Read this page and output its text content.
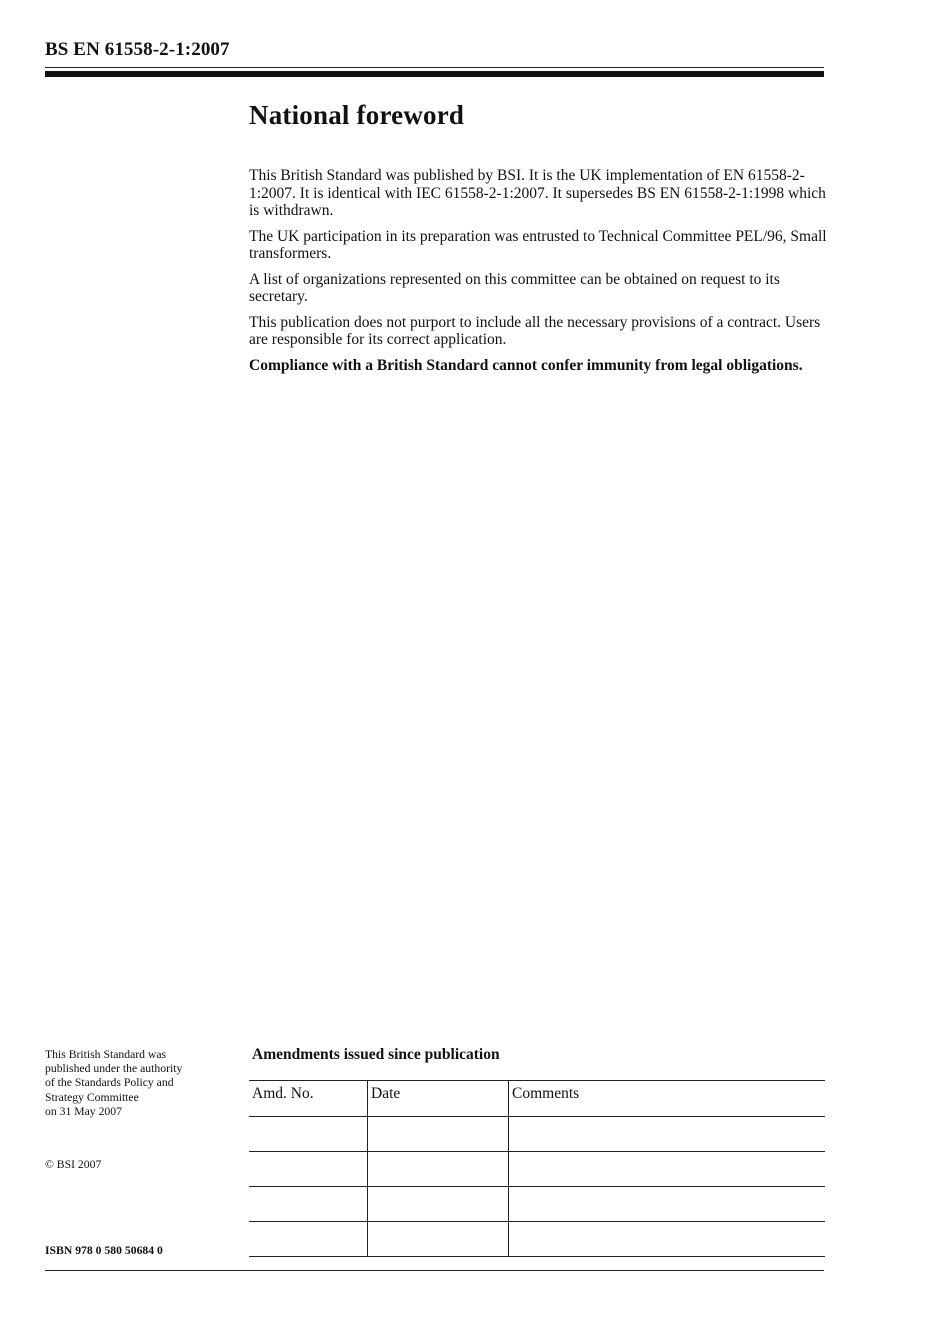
BS EN 61558-2-1:2007
National foreword

This British Standard was published by BSI. It is the UK implementation of EN 61558-2-1:2007. It is identical with IEC 61558-2-1:2007. It supersedes BS EN 61558-2-1:1998 which is withdrawn.

The UK participation in its preparation was entrusted to Technical Committee PEL/96, Small transformers.

A list of organizations represented on this committee can be obtained on request to its secretary.

This publication does not purport to include all the necessary provisions of a contract. Users are responsible for its correct application.

Compliance with a British Standard cannot confer immunity from legal obligations.

This British Standard was
published under the authority
of the Standards Policy and
Strategy Committee
on 31 May 2007
© BSI 2007
ISBN 978 0 580 50684 0
Amendments issued since publication
Amd. No.	Date	Comments
